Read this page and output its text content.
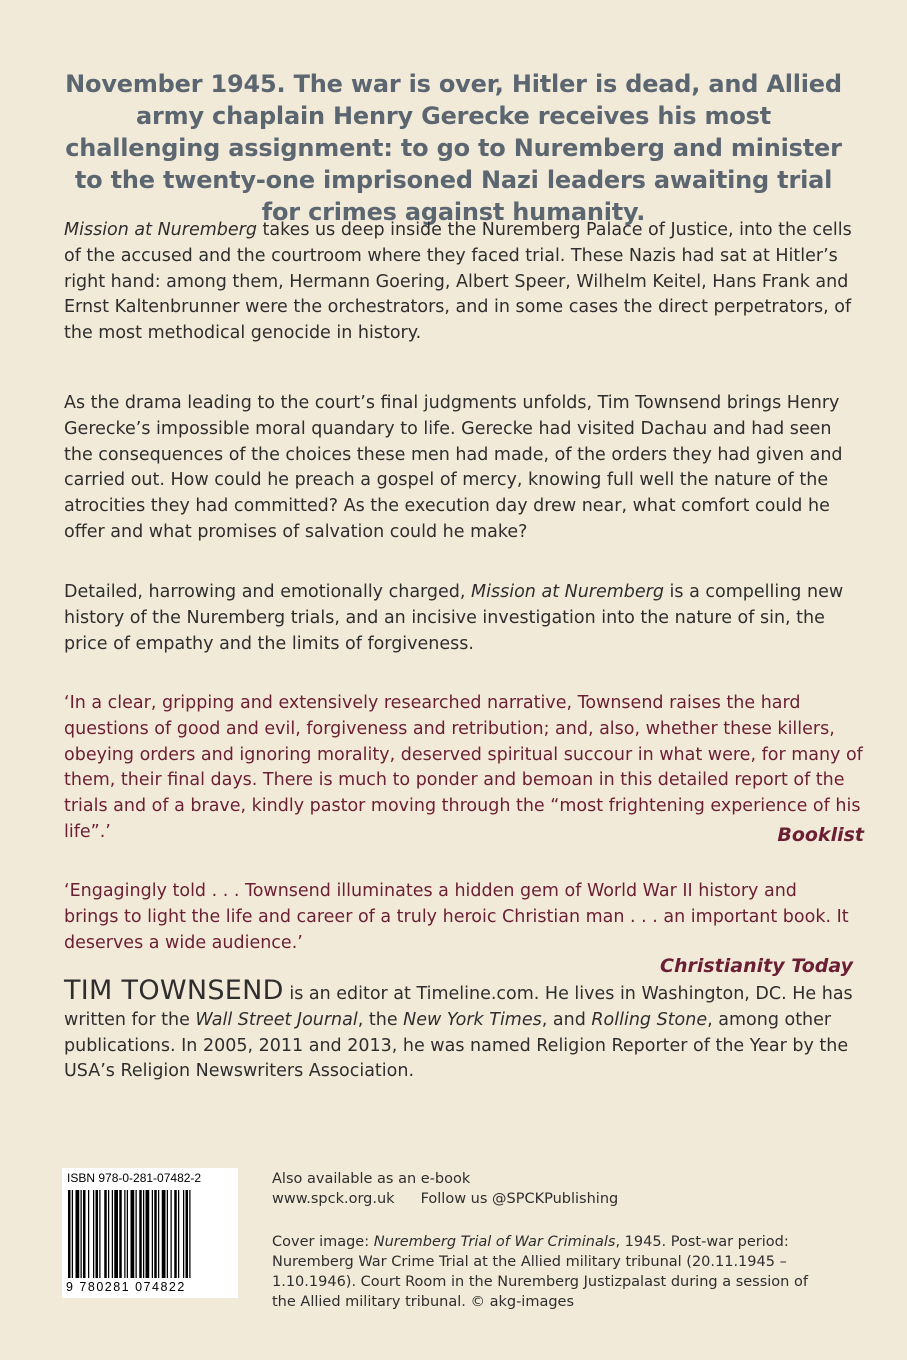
November 1945. The war is over, Hitler is dead, and Allied army chaplain Henry Gerecke receives his most challenging assignment: to go to Nuremberg and minister to the twenty-one imprisoned Nazi leaders awaiting trial for crimes against humanity.
Mission at Nuremberg takes us deep inside the Nuremberg Palace of Justice, into the cells of the accused and the courtroom where they faced trial. These Nazis had sat at Hitler’s right hand: among them, Hermann Goering, Albert Speer, Wilhelm Keitel, Hans Frank and Ernst Kaltenbrunner were the orchestrators, and in some cases the direct perpetrators, of the most methodical genocide in history.
As the drama leading to the court’s final judgments unfolds, Tim Townsend brings Henry Gerecke’s impossible moral quandary to life. Gerecke had visited Dachau and had seen the consequences of the choices these men had made, of the orders they had given and carried out. How could he preach a gospel of mercy, knowing full well the nature of the atrocities they had committed? As the execution day drew near, what comfort could he offer and what promises of salvation could he make?
Detailed, harrowing and emotionally charged, Mission at Nuremberg is a compelling new history of the Nuremberg trials, and an incisive investigation into the nature of sin, the price of empathy and the limits of forgiveness.
‘In a clear, gripping and extensively researched narrative, Townsend raises the hard questions of good and evil, forgiveness and retribution; and, also, whether these killers, obeying orders and ignoring morality, deserved spiritual succour in what were, for many of them, their final days. There is much to ponder and bemoan in this detailed report of the trials and of a brave, kindly pastor moving through the “most frightening experience of his life”.’	Booklist
‘Engagingly told . . . Townsend illuminates a hidden gem of World War II history and brings to light the life and career of a truly heroic Christian man . . . an important book. It deserves a wide audience.’
Christianity Today
TIM TOWNSEND is an editor at Timeline.com. He lives in Washington, DC. He has written for the Wall Street Journal, the New York Times, and Rolling Stone, among other publications. In 2005, 2011 and 2013, he was named Religion Reporter of the Year by the USA’s Religion Newswriters Association.
ISBN 978-0-281-07482-2
9 780281 074822
Also available as an e-book
www.spck.org.uk Follow us @SPCKPublishing
Cover image: Nuremberg Trial of War Criminals, 1945. Post-war period: Nuremberg War Crime Trial at the Allied military tribunal (20.11.1945 – 1.10.1946). Court Room in the Nuremberg Justizpalast during a session of the Allied military tribunal. © akg-images
